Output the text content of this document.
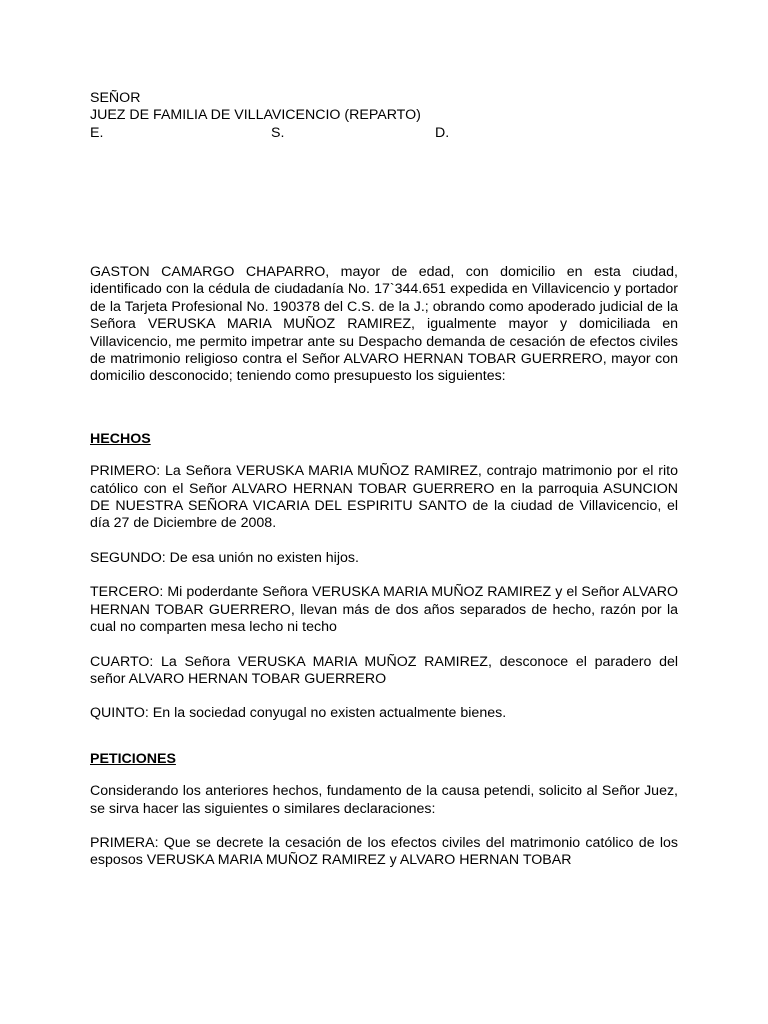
SEÑOR
JUEZ DE FAMILIA DE VILLAVICENCIO (REPARTO)
E.	S.	D.

GASTON CAMARGO CHAPARRO, mayor de edad, con domicilio en esta ciudad, identificado con la cédula de ciudadanía No. 17`344.651 expedida en Villavicencio y portador de la Tarjeta Profesional No. 190378 del C.S. de la J.; obrando como apoderado judicial de la Señora VERUSKA MARIA MUÑOZ RAMIREZ, igualmente mayor y domiciliada en Villavicencio, me permito impetrar ante su Despacho demanda de cesación de efectos civiles de matrimonio religioso contra el Señor ALVARO HERNAN TOBAR GUERRERO, mayor con domicilio desconocido; teniendo como presupuesto los siguientes:

HECHOS

PRIMERO: La Señora VERUSKA MARIA MUÑOZ RAMIREZ, contrajo matrimonio por el rito católico con el Señor ALVARO HERNAN TOBAR GUERRERO en la parroquia ASUNCION DE NUESTRA SEÑORA VICARIA DEL ESPIRITU SANTO de la ciudad de Villavicencio, el día 27 de Diciembre de 2008.

SEGUNDO: De esa unión no existen hijos.

TERCERO: Mi poderdante Señora VERUSKA MARIA MUÑOZ RAMIREZ y el Señor ALVARO HERNAN TOBAR GUERRERO, llevan más de dos años separados de hecho, razón por la cual no comparten mesa lecho ni techo

CUARTO: La Señora VERUSKA MARIA MUÑOZ RAMIREZ, desconoce el paradero del señor ALVARO HERNAN TOBAR GUERRERO

QUINTO: En la sociedad conyugal no existen actualmente bienes.

PETICIONES

Considerando los anteriores hechos, fundamento de la causa petendi, solicito al Señor Juez, se sirva hacer las siguientes o similares declaraciones:

PRIMERA: Que se decrete la cesación de los efectos civiles del matrimonio católico de los esposos VERUSKA MARIA MUÑOZ RAMIREZ y ALVARO HERNAN TOBAR
